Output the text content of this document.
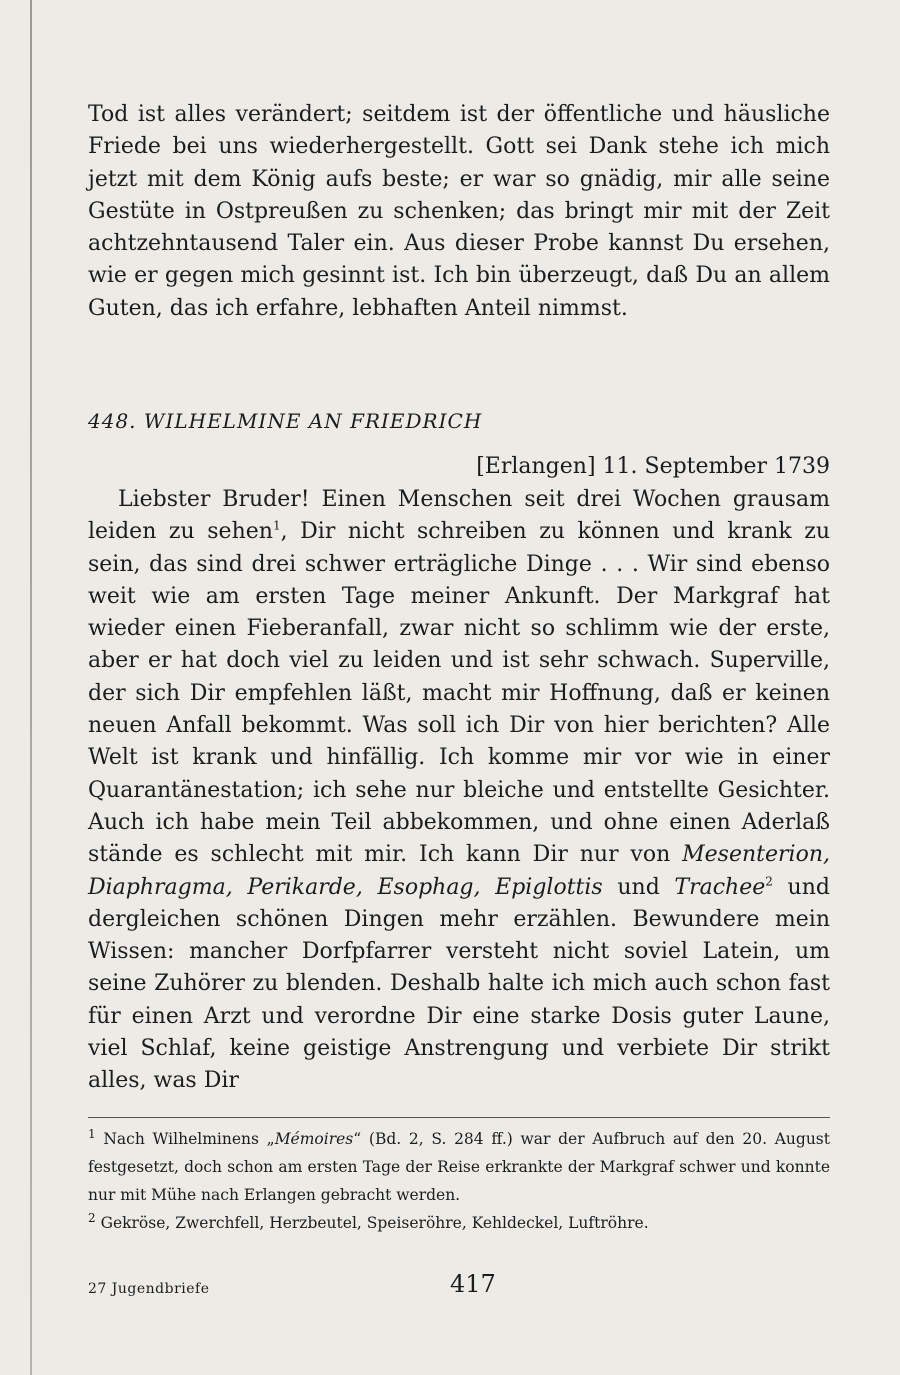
Tod ist alles verändert; seitdem ist der öffentliche und häusliche Friede bei uns wiederhergestellt. Gott sei Dank stehe ich mich jetzt mit dem König aufs beste; er war so gnädig, mir alle seine Gestüte in Ostpreußen zu schenken; das bringt mir mit der Zeit achtzehntausend Taler ein. Aus dieser Probe kannst Du ersehen, wie er gegen mich gesinnt ist. Ich bin überzeugt, daß Du an allem Guten, das ich erfahre, lebhaften Anteil nimmst.

448. WILHELMINE AN FRIEDRICH
[Erlangen] 11. September 1739

Liebster Bruder! Einen Menschen seit drei Wochen grausam leiden zu sehen$^1$, Dir nicht schreiben zu können und krank zu sein, das sind drei schwer erträgliche Dinge . . . Wir sind ebenso weit wie am ersten Tage meiner Ankunft. Der Markgraf hat wieder einen Fieberanfall, zwar nicht so schlimm wie der erste, aber er hat doch viel zu leiden und ist sehr schwach. Superville, der sich Dir empfehlen läßt, macht mir Hoffnung, daß er keinen neuen Anfall bekommt. Was soll ich Dir von hier berichten? Alle Welt ist krank und hinfällig. Ich komme mir vor wie in einer Quarantänestation; ich sehe nur bleiche und entstellte Gesichter. Auch ich habe mein Teil abbekommen, und ohne einen Aderlaß stände es schlecht mit mir. Ich kann Dir nur von Mesenterion, Diaphragma, Perikarde, Esophag, Epiglottis und Trachee$^2$ und dergleichen schönen Dingen mehr erzählen. Bewundere mein Wissen: mancher Dorfpfarrer versteht nicht soviel Latein, um seine Zuhörer zu blenden. Deshalb halte ich mich auch schon fast für einen Arzt und verordne Dir eine starke Dosis guter Laune, viel Schlaf, keine geistige Anstrengung und verbiete Dir strikt alles, was Dir

$^1$ Nach Wilhelminens „Mémoires“ (Bd. 2, S. 284 ff.) war der Aufbruch auf den 20. August festgesetzt, doch schon am ersten Tage der Reise erkrankte der Markgraf schwer und konnte nur mit Mühe nach Erlangen gebracht werden.
$^2$ Gekröse, Zwerchfell, Herzbeutel, Speiseröhre, Kehldeckel, Luftröhre.
27 Jugendbriefe	417
